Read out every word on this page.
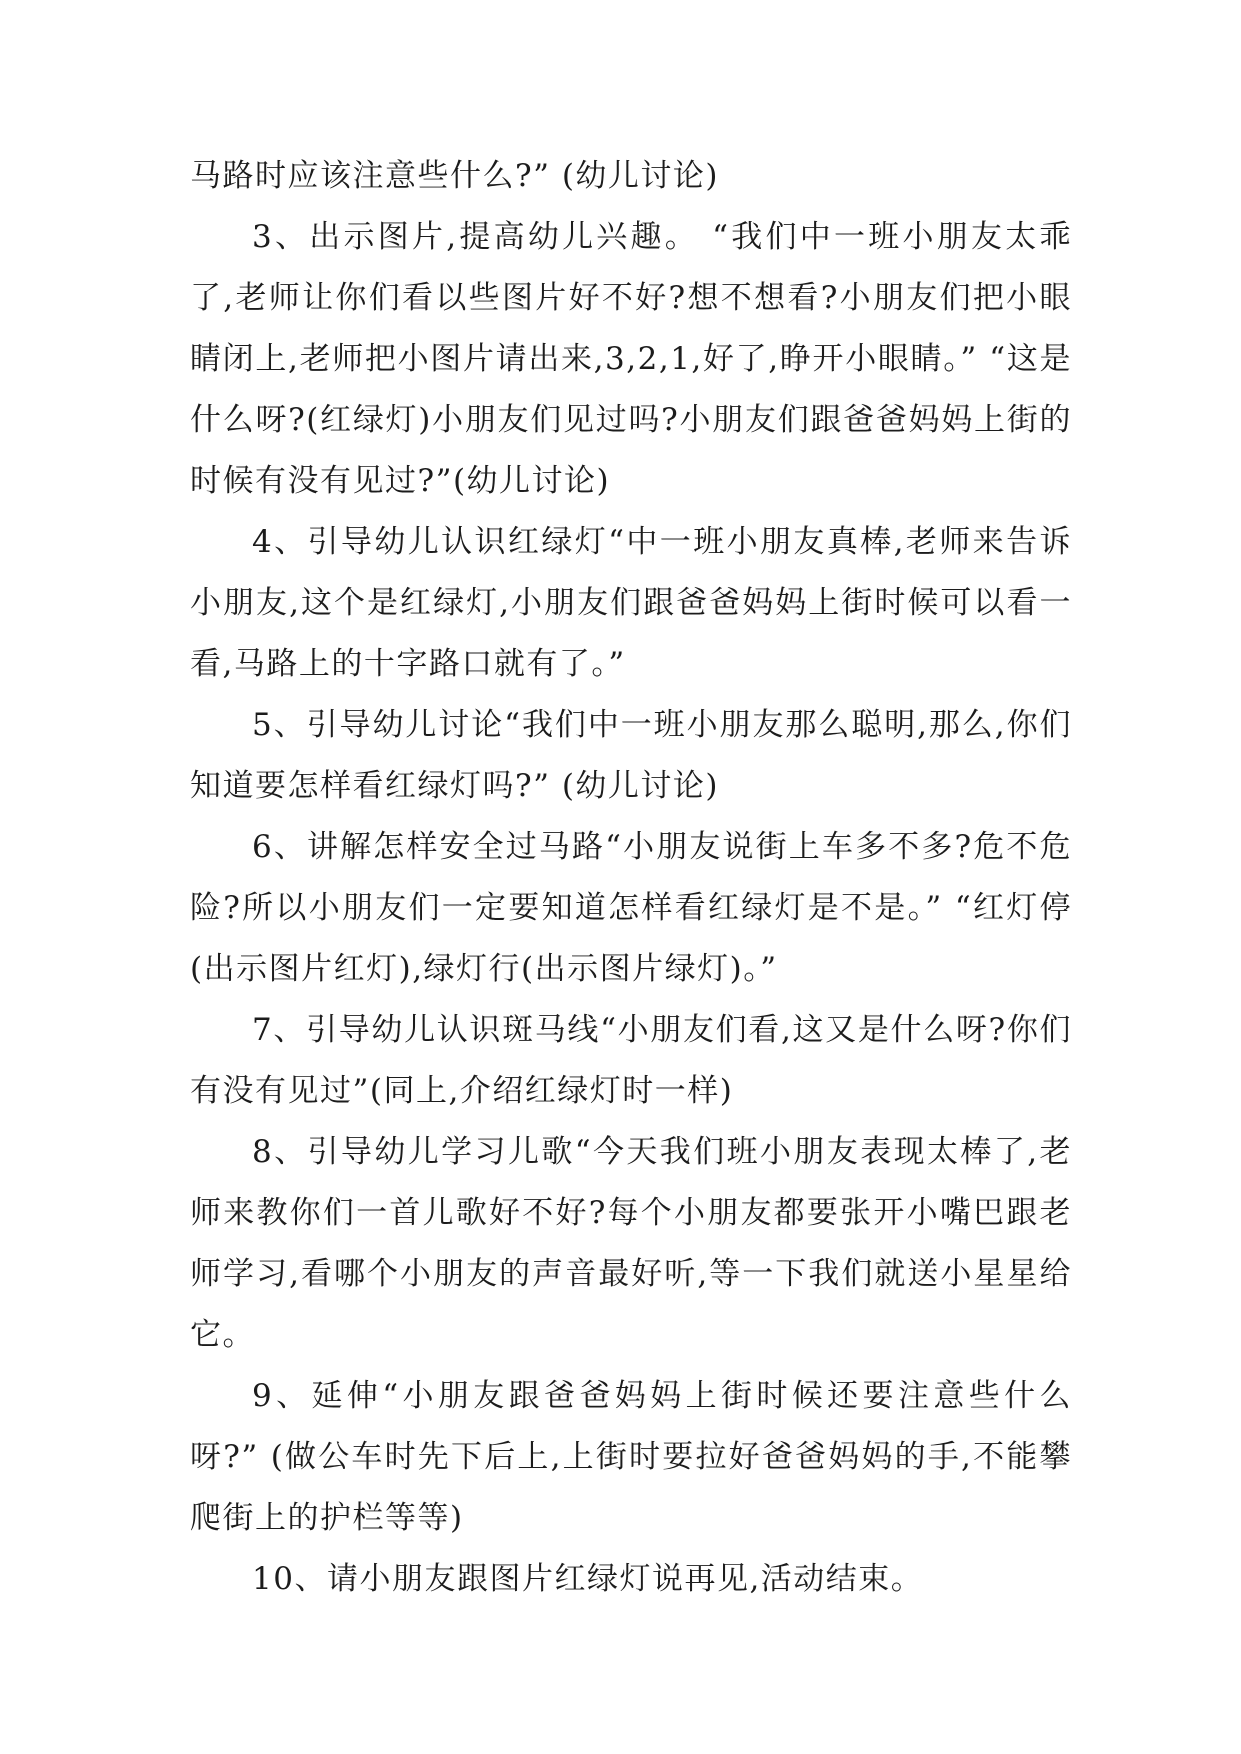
马路时应该注意些什么?” (幼儿讨论)

3、出示图片,提高幼儿兴趣。 “我们中一班小朋友太乖了,老师让你们看以些图片好不好?想不想看?小朋友们把小眼睛闭上,老师把小图片请出来,3,2,1,好了,睁开小眼睛。” “这是什么呀?(红绿灯)小朋友们见过吗?小朋友们跟爸爸妈妈上街的时候有没有见过?”(幼儿讨论)

4、引导幼儿认识红绿灯“中一班小朋友真棒,老师来告诉小朋友,这个是红绿灯,小朋友们跟爸爸妈妈上街时候可以看一看,马路上的十字路口就有了。”

5、引导幼儿讨论“我们中一班小朋友那么聪明,那么,你们知道要怎样看红绿灯吗?” (幼儿讨论)

6、讲解怎样安全过马路“小朋友说街上车多不多?危不危险?所以小朋友们一定要知道怎样看红绿灯是不是。” “红灯停(出示图片红灯),绿灯行(出示图片绿灯)。”

7、引导幼儿认识斑马线“小朋友们看,这又是什么呀?你们有没有见过”(同上,介绍红绿灯时一样)

8、引导幼儿学习儿歌“今天我们班小朋友表现太棒了,老师来教你们一首儿歌好不好?每个小朋友都要张开小嘴巴跟老师学习,看哪个小朋友的声音最好听,等一下我们就送小星星给它。

9、延伸“小朋友跟爸爸妈妈上街时候还要注意些什么呀?” (做公车时先下后上,上街时要拉好爸爸妈妈的手,不能攀爬街上的护栏等等)

10、请小朋友跟图片红绿灯说再见,活动结束。
